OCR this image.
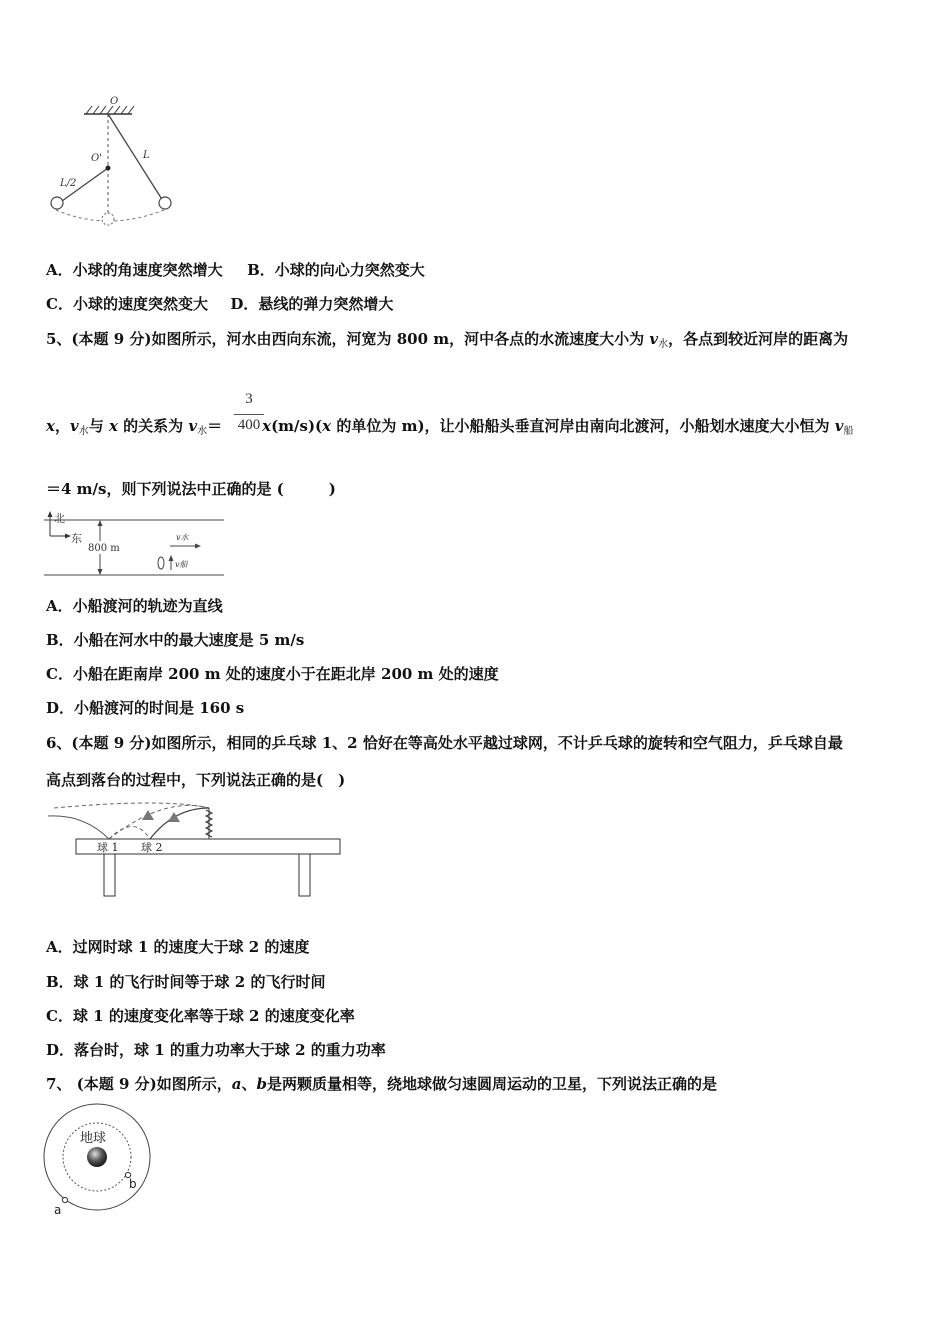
O
O'	L
L/2
A．小球的角速度突然增大 B．小球的向心力突然变大
C．小球的速度突然变大 D．悬线的弹力突然增大
5、(本题 9 分)如图所示，河水由西向东流，河宽为 800 m，河中各点的水流速度大小为 $v_水$，各点到较近河岸的距离为
3
400
x，$v_水$与 x 的关系为 $v_水=$	x(m/s)(x 的单位为 m)，让小船船头垂直河岸由南向北渡河，小船划水速度大小恒为 $v_船$
＝4 m/s，则下列说法中正确的是 (　　　)
北
东
800 m
v水
v船
A．小船渡河的轨迹为直线
B．小船在河水中的最大速度是 5 m/s
C．小船在距南岸 200 m 处的速度小于在距北岸 200 m 处的速度
D．小船渡河的时间是 160 s
6、(本题 9 分)如图所示，相同的乒乓球 1、2 恰好在等高处水平越过球网，不计乒乓球的旋转和空气阻力，乒乓球自最
高点到落台的过程中，下列说法正确的是(　)
球 1 球 2
A．过网时球 1 的速度大于球 2 的速度
B．球 1 的飞行时间等于球 2 的飞行时间
C．球 1 的速度变化率等于球 2 的速度变化率
D．落台时，球 1 的重力功率大于球 2 的重力功率
7、 (本题 9 分)如图所示，a、b是两颗质量相等，绕地球做匀速圆周运动的卫星，下列说法正确的是
地球
b
a
